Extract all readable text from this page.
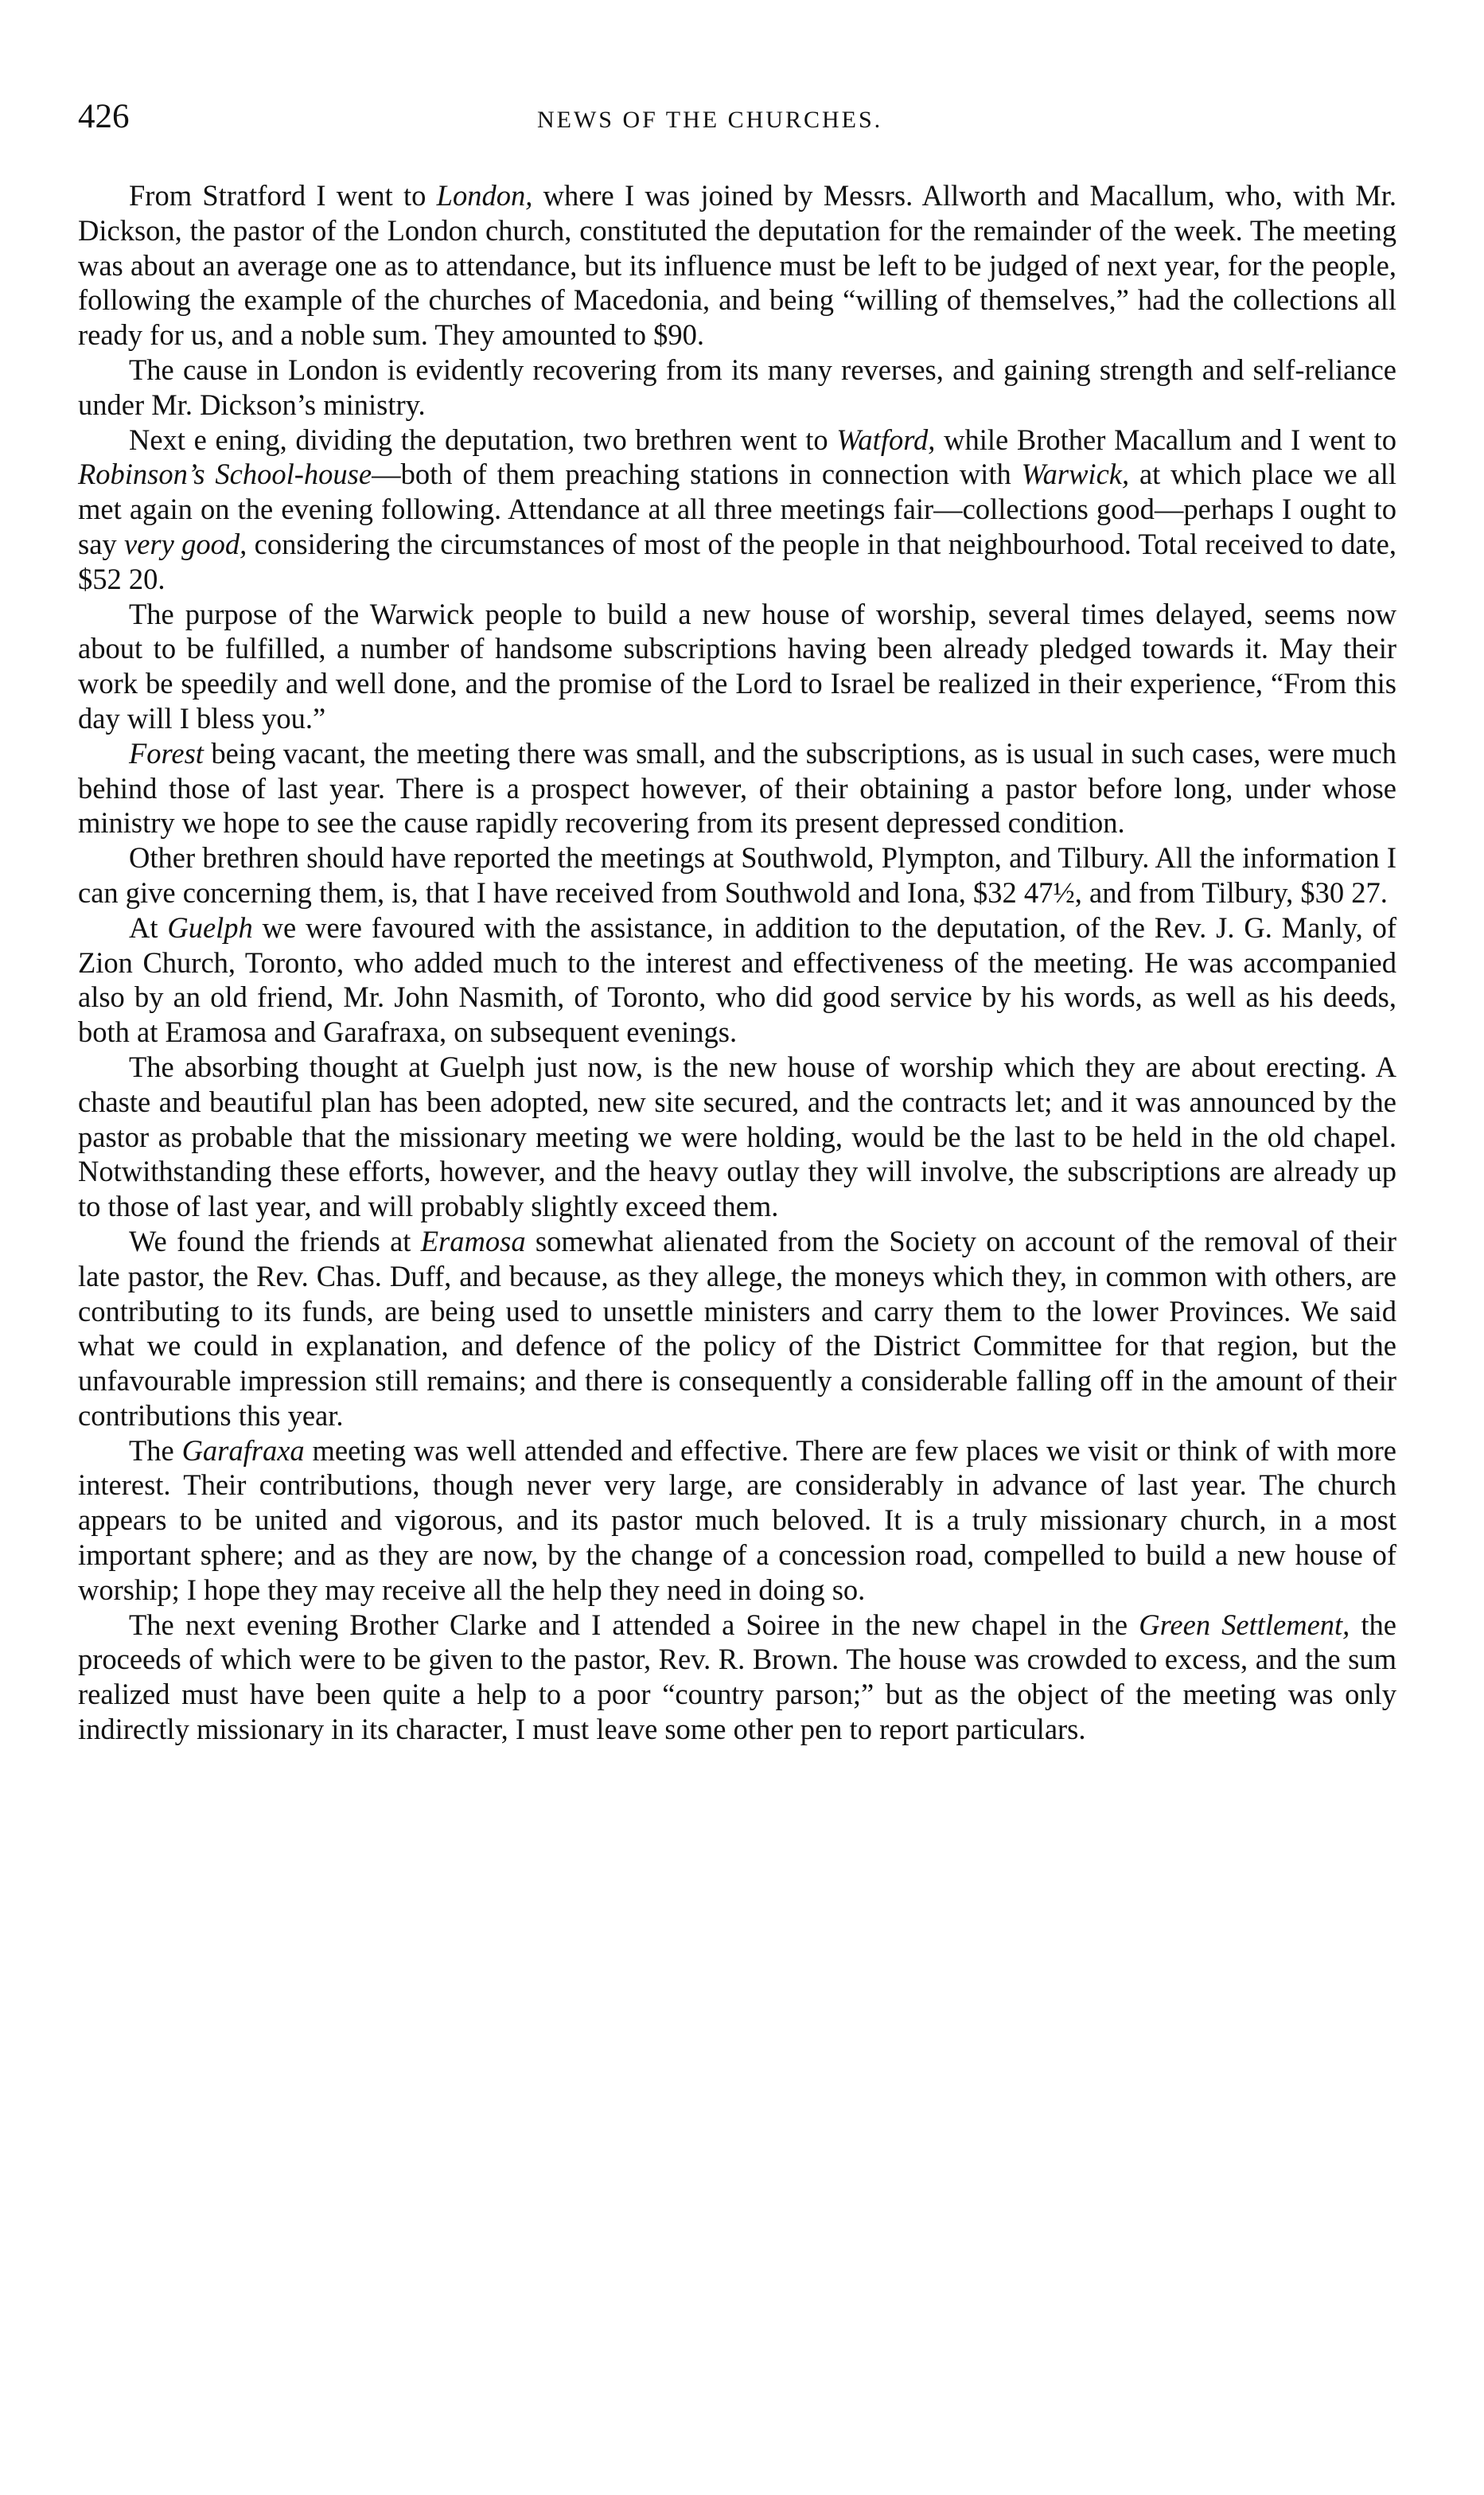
426	NEWS OF THE CHURCHES.

From Stratford I went to London, where I was joined by Messrs. Allworth and Macallum, who, with Mr. Dickson, the pastor of the London church, constituted the deputation for the remainder of the week. The meeting was about an average one as to attendance, but its influence must be left to be judged of next year, for the people, following the example of the churches of Macedonia, and being “willing of themselves,” had the collections all ready for us, and a noble sum. They amounted to $90.

The cause in London is evidently recovering from its many reverses, and gaining strength and self-reliance under Mr. Dickson’s ministry.

Next e ening, dividing the deputation, two brethren went to Watford, while Brother Macallum and I went to Robinson’s School-house—both of them preaching stations in connection with Warwick, at which place we all met again on the evening following. Attendance at all three meetings fair—collections good—perhaps I ought to say very good, considering the circumstances of most of the people in that neighbourhood. Total received to date, $52 20.

The purpose of the Warwick people to build a new house of worship, several times delayed, seems now about to be fulfilled, a number of handsome subscriptions having been already pledged towards it. May their work be speedily and well done, and the promise of the Lord to Israel be realized in their experience, “From this day will I bless you.”

Forest being vacant, the meeting there was small, and the subscriptions, as is usual in such cases, were much behind those of last year. There is a prospect however, of their obtaining a pastor before long, under whose ministry we hope to see the cause rapidly recovering from its present depressed condition.

Other brethren should have reported the meetings at Southwold, Plympton, and Tilbury. All the information I can give concerning them, is, that I have received from Southwold and Iona, $32 47½, and from Tilbury, $30 27.

At Guelph we were favoured with the assistance, in addition to the deputation, of the Rev. J. G. Manly, of Zion Church, Toronto, who added much to the interest and effectiveness of the meeting. He was accompanied also by an old friend, Mr. John Nasmith, of Toronto, who did good service by his words, as well as his deeds, both at Eramosa and Garafraxa, on subsequent evenings.

The absorbing thought at Guelph just now, is the new house of worship which they are about erecting. A chaste and beautiful plan has been adopted, new site secured, and the contracts let; and it was announced by the pastor as probable that the missionary meeting we were holding, would be the last to be held in the old chapel. Notwithstanding these efforts, however, and the heavy outlay they will involve, the subscriptions are already up to those of last year, and will probably slightly exceed them.

We found the friends at Eramosa somewhat alienated from the Society on account of the removal of their late pastor, the Rev. Chas. Duff, and because, as they allege, the moneys which they, in common with others, are contributing to its funds, are being used to unsettle ministers and carry them to the lower Provinces. We said what we could in explanation, and defence of the policy of the District Committee for that region, but the unfavourable impression still remains; and there is consequently a considerable falling off in the amount of their contributions this year.

The Garafraxa meeting was well attended and effective. There are few places we visit or think of with more interest. Their contributions, though never very large, are considerably in advance of last year. The church appears to be united and vigorous, and its pastor much beloved. It is a truly missionary church, in a most important sphere; and as they are now, by the change of a concession road, compelled to build a new house of worship; I hope they may receive all the help they need in doing so.

The next evening Brother Clarke and I attended a Soiree in the new chapel in the Green Settlement, the proceeds of which were to be given to the pastor, Rev. R. Brown. The house was crowded to excess, and the sum realized must have been quite a help to a poor “country parson;” but as the object of the meeting was only indirectly missionary in its character, I must leave some other pen to report particulars.
